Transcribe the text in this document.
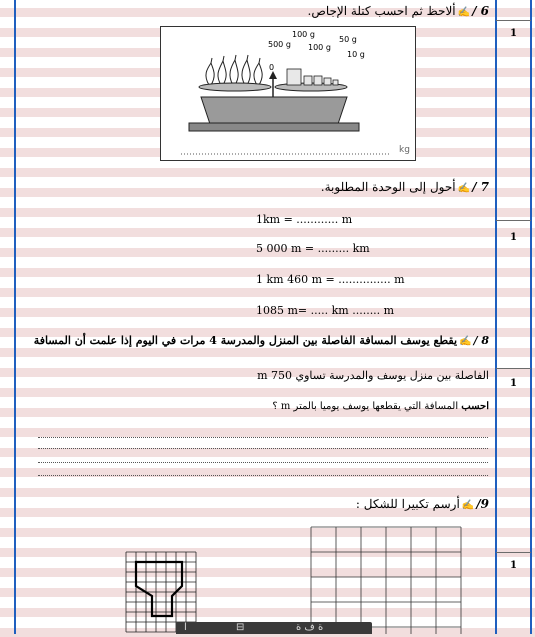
1
1
1
1
6 /✍ألاحظ ثم احسب كتلة الإجاص.
kg
100 g
500 g 100 g
50 g
10 g
0
7 /✍أحول إلى الوحدة المطلوبة.
1km = ............ m
5 000 m = ......... km
1 km 460 m = ............... m
1085 m= ..... km ........ m
8 /✍يقطع يوسف المسافة الفاصلة بين المنزل والمدرسة 4 مرات في اليوم إذا علمت أن المسافة
الفاصلة بين منزل يوسف والمدرسة تساوي 750 m
احسب المسافة التي يقطعها يوسف يوميا بالمتر m ؟
9/✍أرسم تكبيرا للشكل :
ا	⊟	ة ف ة
